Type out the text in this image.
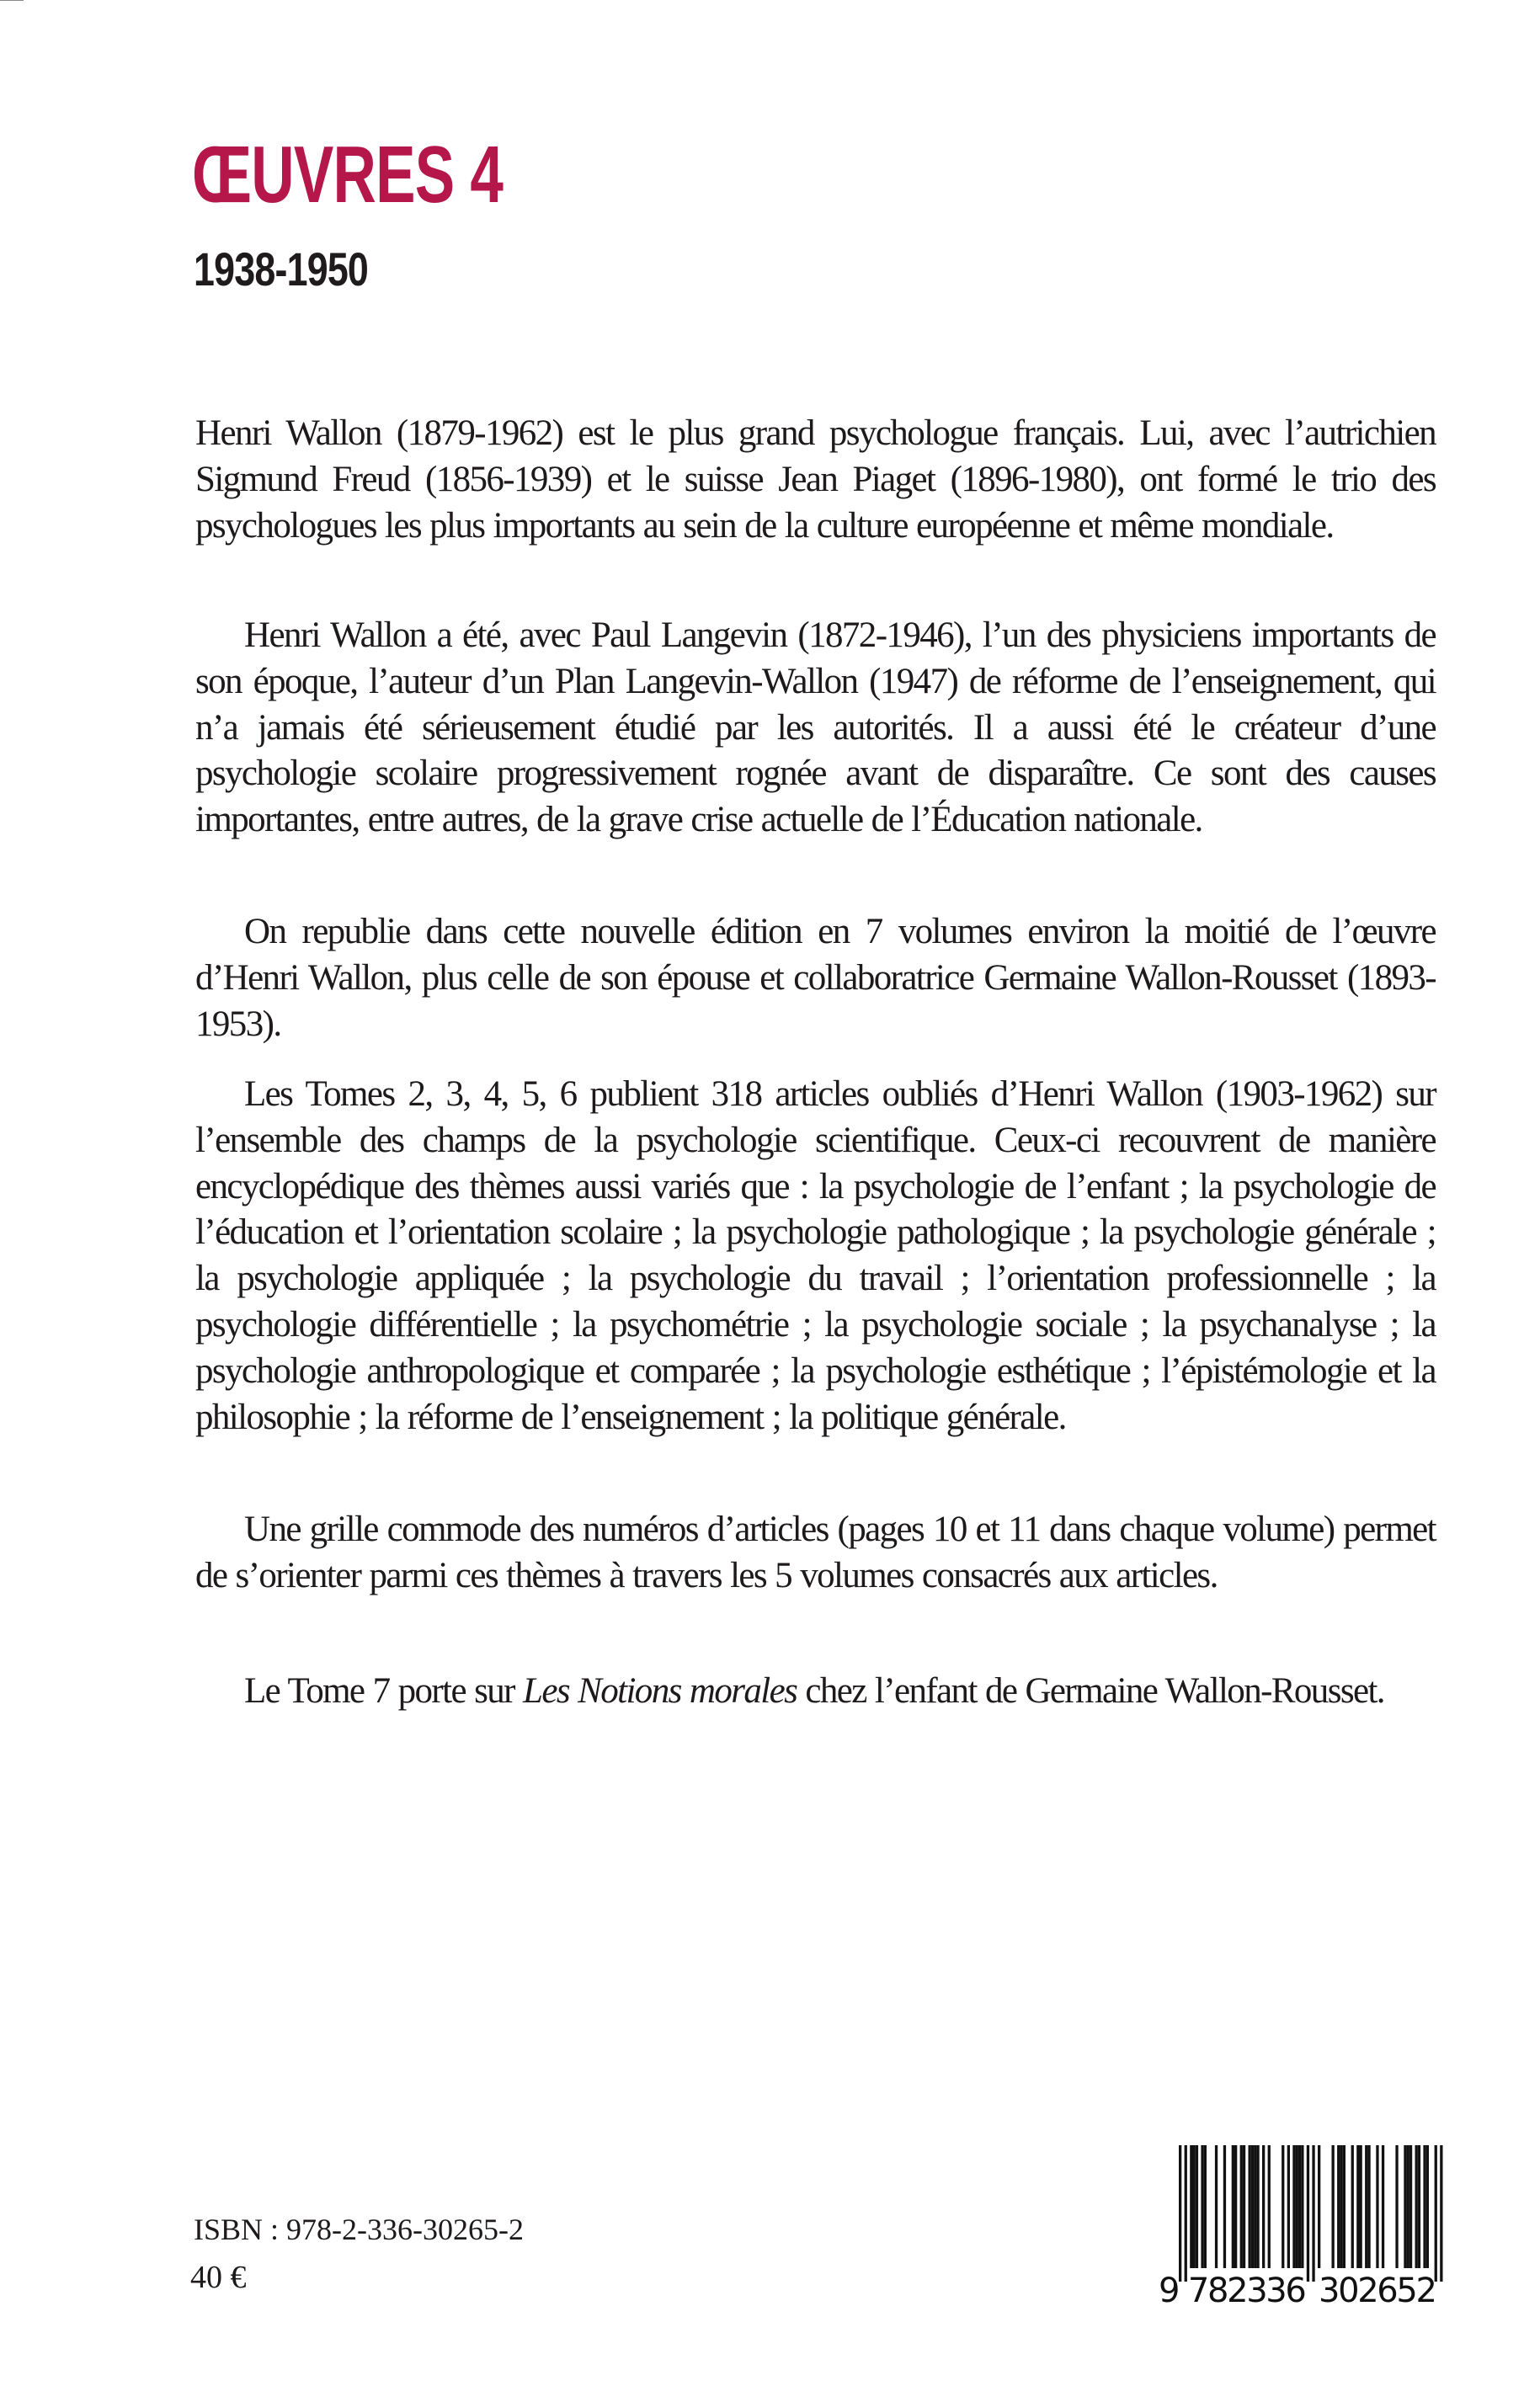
ŒUVRES 4
1938-1950

Henri Wallon (1879-1962) est le plus grand psychologue français. Lui, avec l’autrichien Sigmund Freud (1856-1939) et le suisse Jean Piaget (1896-1980), ont formé le trio des psychologues les plus importants au sein de la culture européenne et même mondiale.

Henri Wallon a été, avec Paul Langevin (1872-1946), l’un des physiciens importants de son époque, l’auteur d’un Plan Langevin-Wallon (1947) de réforme de l’enseignement, qui n’a jamais été sérieusement étudié par les autorités. Il a aussi été le créateur d’une psychologie scolaire progressivement rognée avant de disparaître. Ce sont des causes importantes, entre autres, de la grave crise actuelle de l’Éducation nationale.

On republie dans cette nouvelle édition en 7 volumes environ la moitié de l’œuvre d’Henri Wallon, plus celle de son épouse et collaboratrice Germaine Wallon-Rousset (1893-1953).

Les Tomes 2, 3, 4, 5, 6 publient 318 articles oubliés d’Henri Wallon (1903-1962) sur l’ensemble des champs de la psychologie scientifique. Ceux-ci recouvrent de manière encyclopédique des thèmes aussi variés que : la psychologie de l’enfant ; la psychologie de l’éducation et l’orientation scolaire ; la psychologie pathologique ; la psychologie générale ; la psychologie appliquée ; la psychologie du travail ; l’orientation professionnelle ; la psychologie différentielle ; la psychométrie ; la psychologie sociale ; la psychanalyse ; la psychologie anthropologique et comparée ; la psychologie esthétique ; l’épistémologie et la philosophie ; la réforme de l’enseignement ; la politique générale.

Une grille commode des numéros d’articles (pages 10 et 11 dans chaque volume) permet de s’orienter parmi ces thèmes à travers les 5 volumes consacrés aux articles.

Le Tome 7 porte sur Les Notions morales chez l’enfant de Germaine Wallon-Rousset.

ISBN : 978-2-336-30265-2
40 €	9 7
8
2
3
3
6 3
0
2
6
5
2
